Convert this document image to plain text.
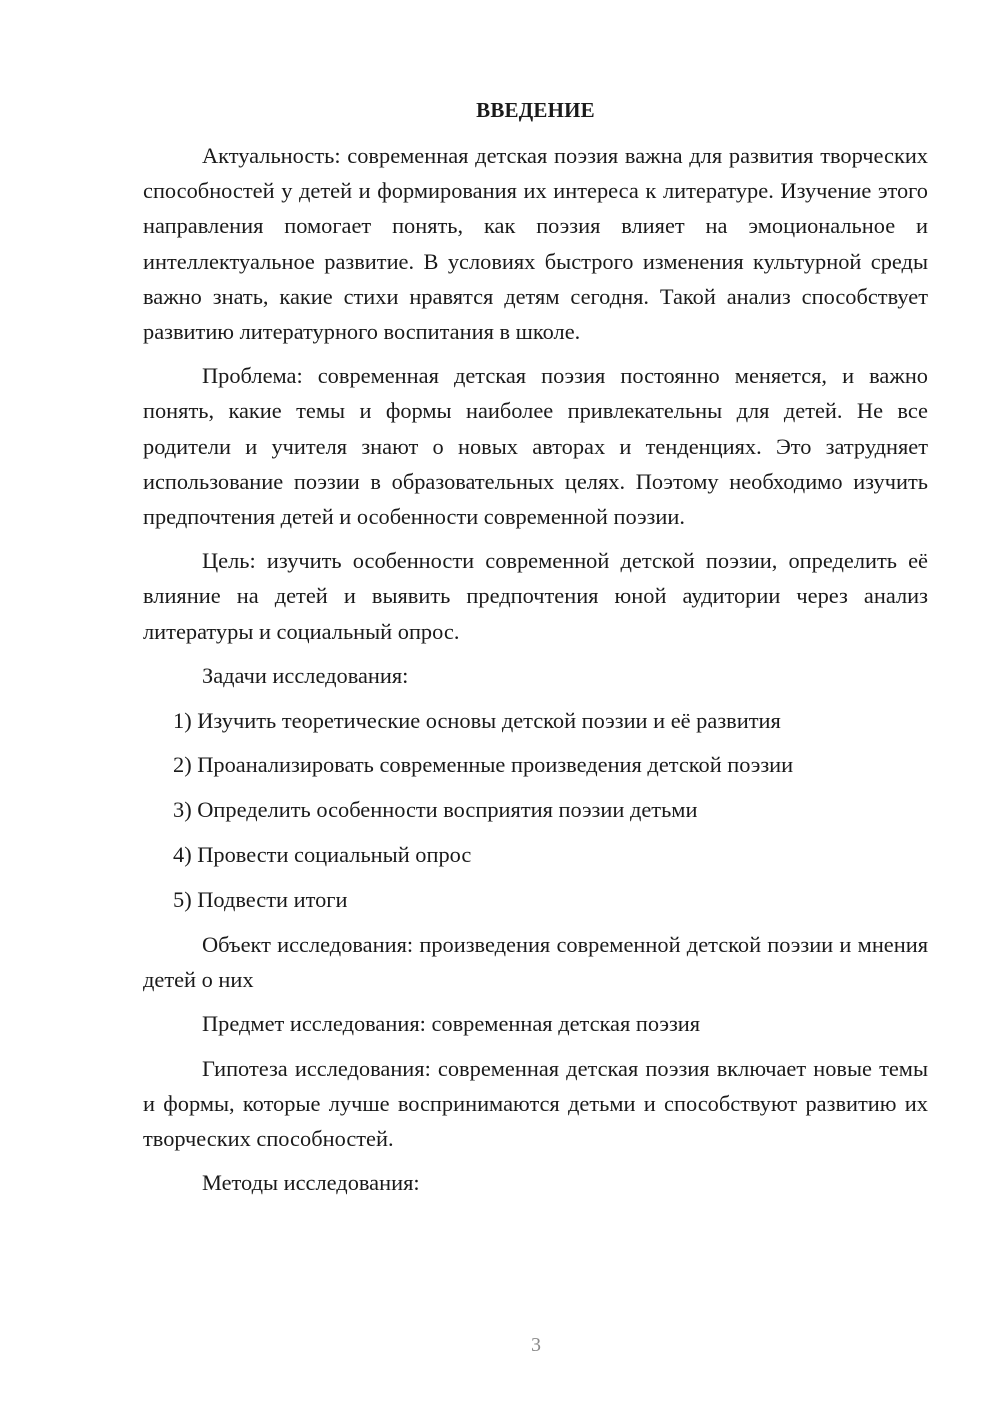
ВВЕДЕНИЕ

Актуальность: современная детская поэзия важна для развития творческих способностей у детей и формирования их интереса к литературе. Изучение этого направления помогает понять, как поэзия влияет на эмоциональное и интеллектуальное развитие. В условиях быстрого изменения культурной среды важно знать, какие стихи нравятся детям сегодня. Такой анализ способствует развитию литературного воспитания в школе.

Проблема: современная детская поэзия постоянно меняется, и важно понять, какие темы и формы наиболее привлекательны для детей. Не все родители и учителя знают о новых авторах и тенденциях. Это затрудняет использование поэзии в образовательных целях. Поэтому необходимо изучить предпочтения детей и особенности современной поэзии.

Цель: изучить особенности современной детской поэзии, определить её влияние на детей и выявить предпочтения юной аудитории через анализ литературы и социальный опрос.

Задачи исследования:

1) Изучить теоретические основы детской поэзии и её развития

2) Проанализировать современные произведения детской поэзии

3) Определить особенности восприятия поэзии детьми

4) Провести социальный опрос

5) Подвести итоги

Объект исследования: произведения современной детской поэзии и мнения детей о них

Предмет исследования: современная детская поэзия

Гипотеза исследования: современная детская поэзия включает новые темы и формы, которые лучше воспринимаются детьми и способствуют развитию их творческих способностей.

Методы исследования:

3
